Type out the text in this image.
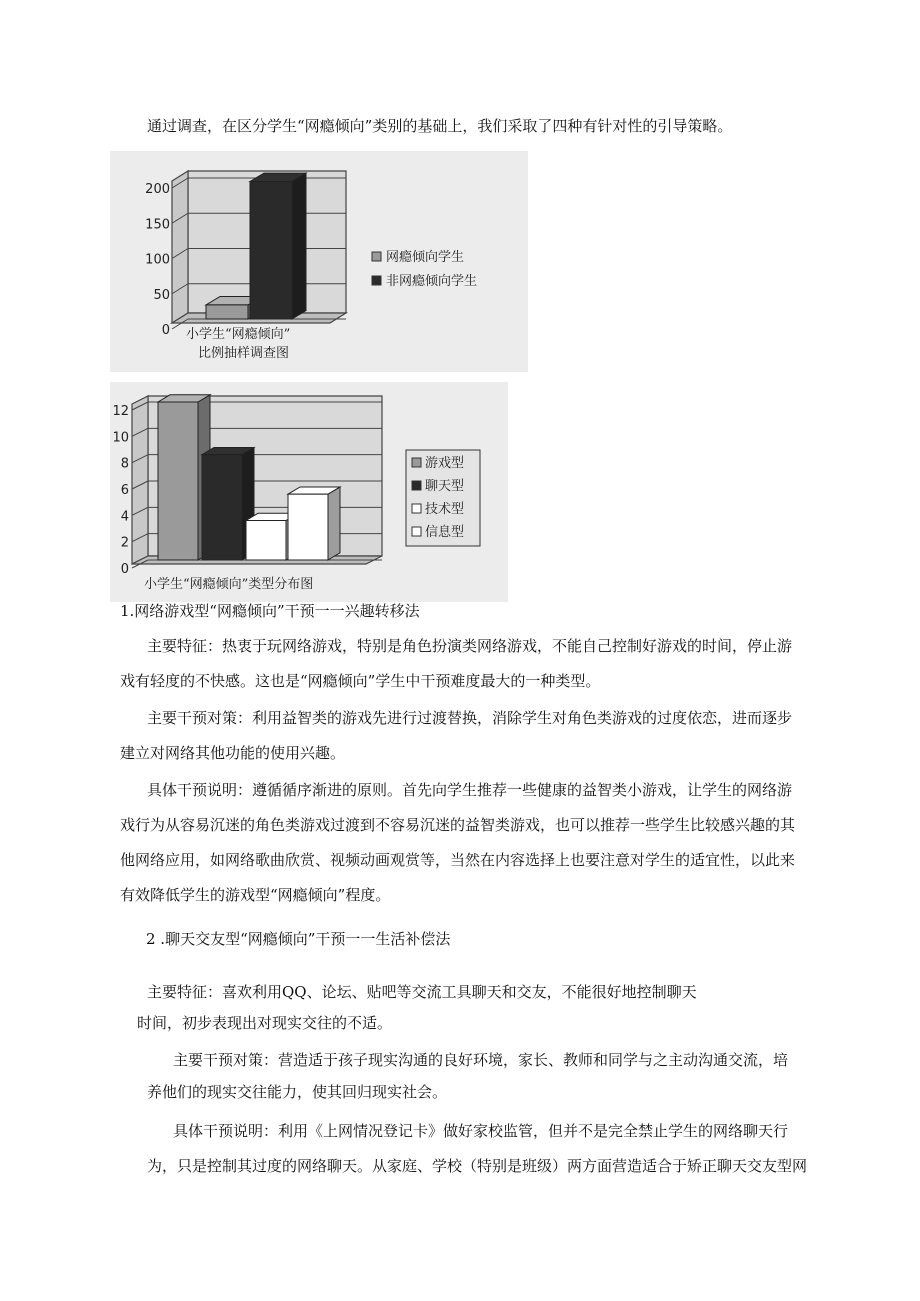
通过调查，在区分学生“网瘾倾向”类别的基础上，我们采取了四种有针对性的引导策略。
0
50
100
150
200
网瘾倾向学生
非网瘾倾向学生
小学生“网瘾倾向”
比例抽样调查图
0
2
4
6
8
10
12
游戏型
聊天型
技术型
信息型
小学生“网瘾倾向”类型分布图
1.网络游戏型“网瘾倾向”干预一一兴趣转移法
主要特征：热衷于玩网络游戏，特别是角色扮演类网络游戏，不能自己控制好游戏的时间，停止游
戏有轻度的不快感。这也是“网瘾倾向”学生中干预难度最大的一种类型。
主要干预对策：利用益智类的游戏先进行过渡替换，消除学生对角色类游戏的过度依恋，进而逐步
建立对网络其他功能的使用兴趣。
具体干预说明：遵循循序渐进的原则。首先向学生推荐一些健康的益智类小游戏，让学生的网络游
戏行为从容易沉迷的角色类游戏过渡到不容易沉迷的益智类游戏，也可以推荐一些学生比较感兴趣的其
他网络应用，如网络歌曲欣赏、视频动画观赏等，当然在内容选择上也要注意对学生的适宜性，以此来
有效降低学生的游戏型“网瘾倾向”程度。
2 .聊天交友型“网瘾倾向”干预一一生活补偿法
主要特征：喜欢利用QQ、论坛、贴吧等交流工具聊天和交友，不能很好地控制聊天
时间，初步表现出对现实交往的不适。
主要干预对策：营造适于孩子现实沟通的良好环境，家长、教师和同学与之主动沟通交流，培
养他们的现实交往能力，使其回归现实社会。
具体干预说明：利用《上网情况登记卡》做好家校监管，但并不是完全禁止学生的网络聊天行
为，只是控制其过度的网络聊天。从家庭、学校（特别是班级）两方面营造适合于矫正聊天交友型网
